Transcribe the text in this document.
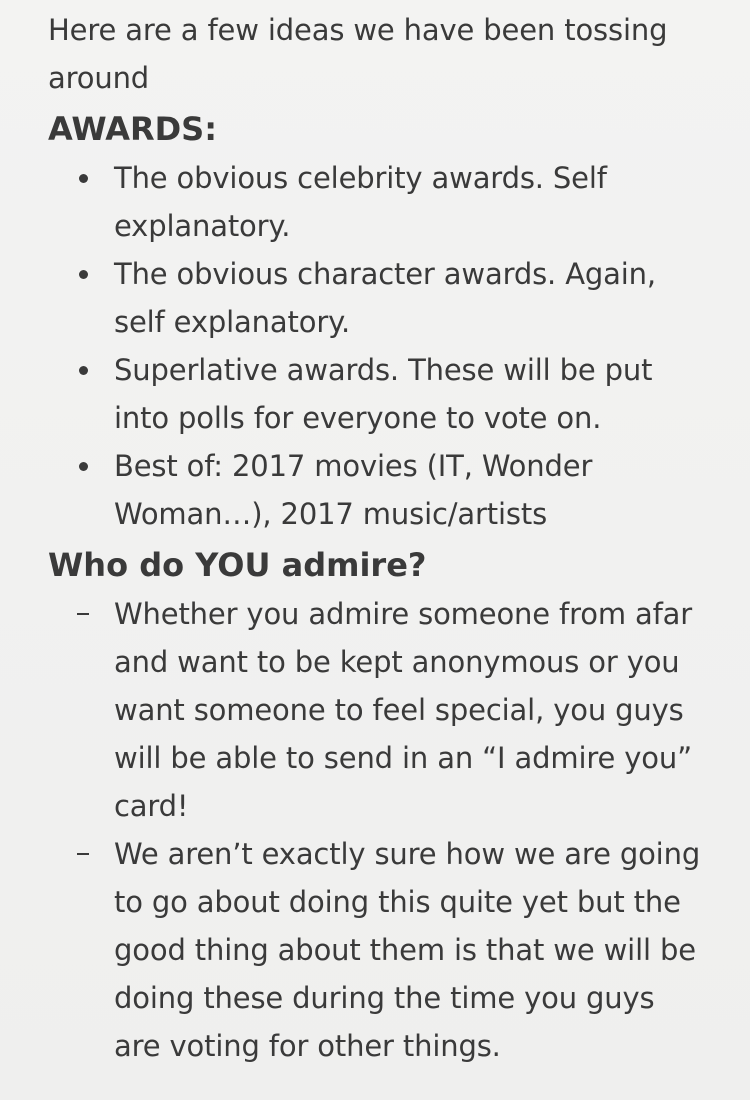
Here are a few ideas we have been tossing around

AWARDS:
The obvious celebrity awards. Self explanatory.
The obvious character awards. Again, self explanatory.
Superlative awards. These will be put into polls for everyone to vote on.
Best of: 2017 movies (IT, Wonder Woman…), 2017 music/artists
Who do YOU admire?
Whether you admire someone from afar and want to be kept anonymous or you want someone to feel special, you guys will be able to send in an “I admire you” card!
We aren’t exactly sure how we are going to go about doing this quite yet but the good thing about them is that we will be doing these during the time you guys are voting for other things.
